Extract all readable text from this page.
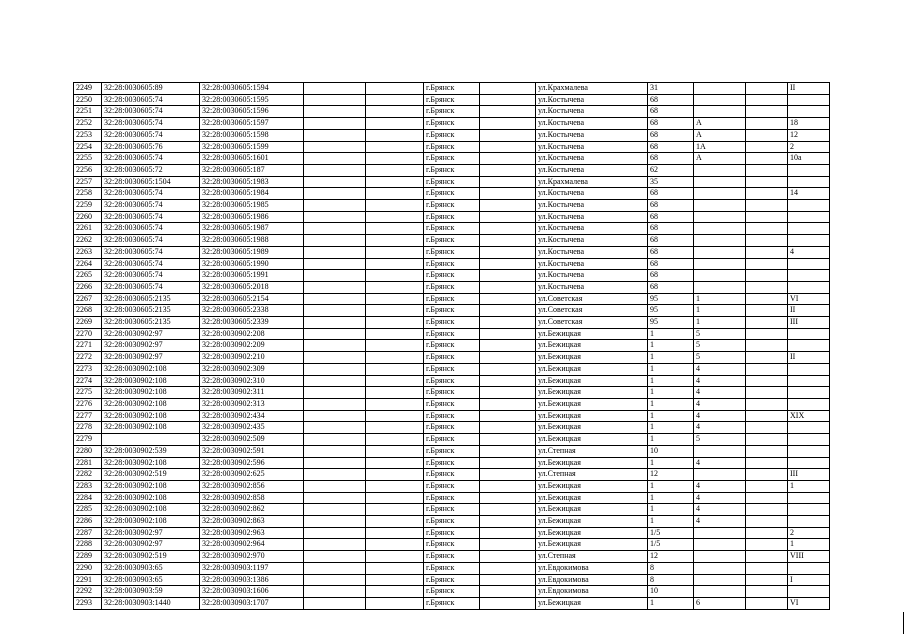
2249	32:28:0030605:89	32:28:0030605:1594			г.Брянск		ул.Крахмалева	31			II
2250	32:28:0030605:74	32:28:0030605:1595			г.Брянск		ул.Костычева	68			
2251	32:28:0030605:74	32:28:0030605:1596			г.Брянск		ул.Костычева	68			
2252	32:28:0030605:74	32:28:0030605:1597			г.Брянск		ул.Костычева	68	А		18
2253	32:28:0030605:74	32:28:0030605:1598			г.Брянск		ул.Костычева	68	А		12
2254	32:28:0030605:76	32:28:0030605:1599			г.Брянск		ул.Костычева	68	1А		2
2255	32:28:0030605:74	32:28:0030605:1601			г.Брянск		ул.Костычева	68	А		10а
2256	32:28:0030605:72	32:28:0030605:187			г.Брянск		ул.Костычева	62			
2257	32:28:0030605:1504	32:28:0030605:1983			г.Брянск		ул.Крахмалева	35			
2258	32:28:0030605:74	32:28:0030605:1984			г.Брянск		ул.Костычева	68			14
2259	32:28:0030605:74	32:28:0030605:1985			г.Брянск		ул.Костычева	68			
2260	32:28:0030605:74	32:28:0030605:1986			г.Брянск		ул.Костычева	68			
2261	32:28:0030605:74	32:28:0030605:1987			г.Брянск		ул.Костычева	68			
2262	32:28:0030605:74	32:28:0030605:1988			г.Брянск		ул.Костычева	68			
2263	32:28:0030605:74	32:28:0030605:1989			г.Брянск		ул.Костычева	68			4
2264	32:28:0030605:74	32:28:0030605:1990			г.Брянск		ул.Костычева	68			
2265	32:28:0030605:74	32:28:0030605:1991			г.Брянск		ул.Костычева	68			
2266	32:28:0030605:74	32:28:0030605:2018			г.Брянск		ул.Костычева	68			
2267	32:28:0030605:2135	32:28:0030605:2154			г.Брянск		ул.Советская	95	1		VI
2268	32:28:0030605:2135	32:28:0030605:2338			г.Брянск		ул.Советская	95	1		II
2269	32:28:0030605:2135	32:28:0030605:2339			г.Брянск		ул.Советская	95	1		III
2270	32:28:0030902:97	32:28:0030902:208			г.Брянск		ул.Бежицкая	1	5		
2271	32:28:0030902:97	32:28:0030902:209			г.Брянск		ул.Бежицкая	1	5		
2272	32:28:0030902:97	32:28:0030902:210			г.Брянск		ул.Бежицкая	1	5		II
2273	32:28:0030902:108	32:28:0030902:309			г.Брянск		ул.Бежицкая	1	4		
2274	32:28:0030902:108	32:28:0030902:310			г.Брянск		ул.Бежицкая	1	4		
2275	32:28:0030902:108	32:28:0030902:311			г.Брянск		ул.Бежицкая	1	4		
2276	32:28:0030902:108	32:28:0030902:313			г.Брянск		ул.Бежицкая	1	4		
2277	32:28:0030902:108	32:28:0030902:434			г.Брянск		ул.Бежицкая	1	4		XIX
2278	32:28:0030902:108	32:28:0030902:435			г.Брянск		ул.Бежицкая	1	4		
2279		32:28:0030902:509			г.Брянск		ул.Бежицкая	1	5		
2280	32:28:0030902:539	32:28:0030902:591			г.Брянск		ул.Степная	10			
2281	32:28:0030902:108	32:28:0030902:596			г.Брянск		ул.Бежицкая	1	4		
2282	32:28:0030902:519	32:28:0030902:625			г.Брянск		ул.Степная	12			III
2283	32:28:0030902:108	32:28:0030902:856			г.Брянск		ул.Бежицкая	1	4		1
2284	32:28:0030902:108	32:28:0030902:858			г.Брянск		ул.Бежицкая	1	4		
2285	32:28:0030902:108	32:28:0030902:862			г.Брянск		ул.Бежицкая	1	4		
2286	32:28:0030902:108	32:28:0030902:863			г.Брянск		ул.Бежицкая	1	4		
2287	32:28:0030902:97	32:28:0030902:963			г.Брянск		ул.Бежицкая	1/5			2
2288	32:28:0030902:97	32:28:0030902:964			г.Брянск		ул.Бежицкая	1/5			1
2289	32:28:0030902:519	32:28:0030902:970			г.Брянск		ул.Степная	12			VIII
2290	32:28:0030903:65	32:28:0030903:1197			г.Брянск		ул.Евдокимова	8			
2291	32:28:0030903:65	32:28:0030903:1386			г.Брянск		ул.Евдокимова	8			I
2292	32:28:0030903:59	32:28:0030903:1606			г.Брянск		ул.Евдокимова	10			
2293	32:28:0030903:1440	32:28:0030903:1707			г.Брянск		ул.Бежицкая	1	6		VI
